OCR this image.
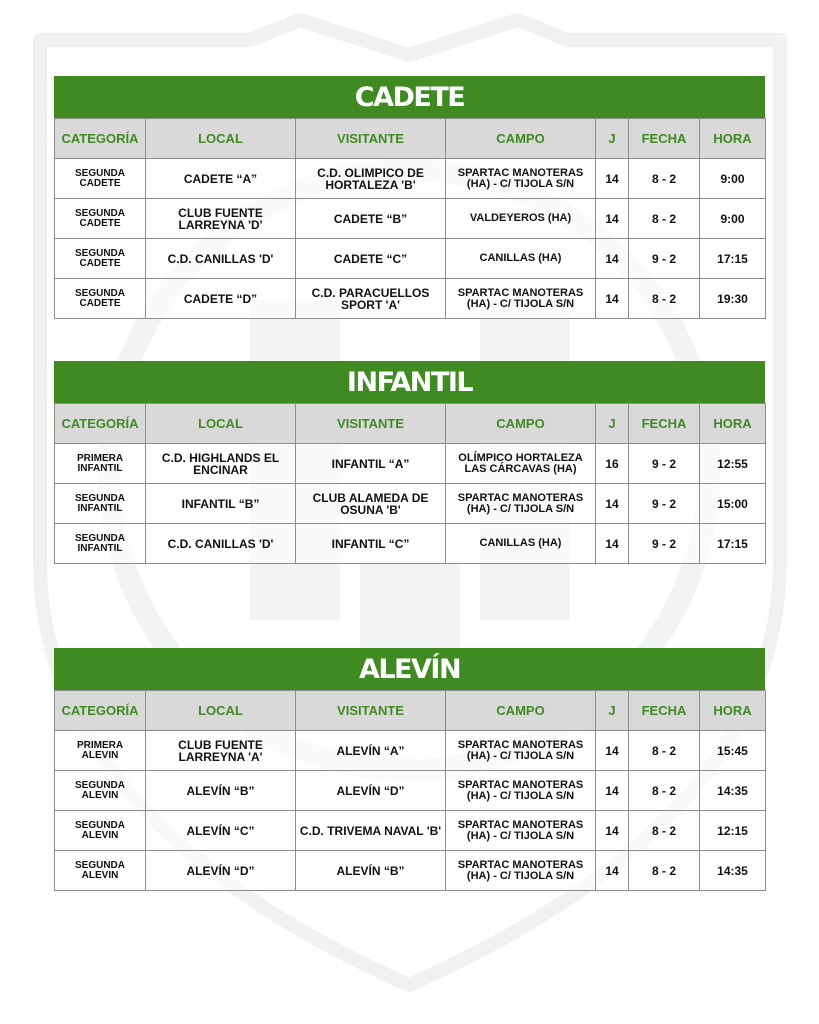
CADETE
CATEGORÍA	LOCAL	VISITANTE	CAMPO	J	FECHA	HORA
SEGUNDA CADETE	CADETE “A”	C.D. OLIMPICO DE HORTALEZA 'B'	SPARTAC MANOTERAS (HA) - C/ TIJOLA S/N	14	8 - 2	9:00
SEGUNDA CADETE	CLUB FUENTE LARREYNA 'D'	CADETE “B”	VALDEYEROS (HA)	14	8 - 2	9:00
SEGUNDA CADETE	C.D. CANILLAS 'D'	CADETE “C”	CANILLAS (HA)	14	9 - 2	17:15
SEGUNDA CADETE	CADETE “D”	C.D. PARACUELLOS SPORT 'A'	SPARTAC MANOTERAS (HA) - C/ TIJOLA S/N	14	8 - 2	19:30
INFANTIL
CATEGORÍA	LOCAL	VISITANTE	CAMPO	J	FECHA	HORA
PRIMERA INFANTIL	C.D. HIGHLANDS EL ENCINAR	INFANTIL “A”	OLÍMPICO HORTALEZA LAS CÁRCAVAS (HA)	16	9 - 2	12:55
SEGUNDA INFANTIL	INFANTIL “B”	CLUB ALAMEDA DE OSUNA 'B'	SPARTAC MANOTERAS (HA) - C/ TIJOLA S/N	14	9 - 2	15:00
SEGUNDA INFANTIL	C.D. CANILLAS 'D'	INFANTIL “C”	CANILLAS (HA)	14	9 - 2	17:15
ALEVÍN
CATEGORÍA	LOCAL	VISITANTE	CAMPO	J	FECHA	HORA
PRIMERA ALEVIN	CLUB FUENTE LARREYNA 'A'	ALEVÍN “A”	SPARTAC MANOTERAS (HA) - C/ TIJOLA S/N	14	8 - 2	15:45
SEGUNDA ALEVIN	ALEVÍN “B”	ALEVÍN “D”	SPARTAC MANOTERAS (HA) - C/ TIJOLA S/N	14	8 - 2	14:35
SEGUNDA ALEVIN	ALEVÍN “C”	C.D. TRIVEMA NAVAL 'B'	SPARTAC MANOTERAS (HA) - C/ TIJOLA S/N	14	8 - 2	12:15
SEGUNDA ALEVIN	ALEVÍN “D”	ALEVÍN “B”	SPARTAC MANOTERAS (HA) - C/ TIJOLA S/N	14	8 - 2	14:35
